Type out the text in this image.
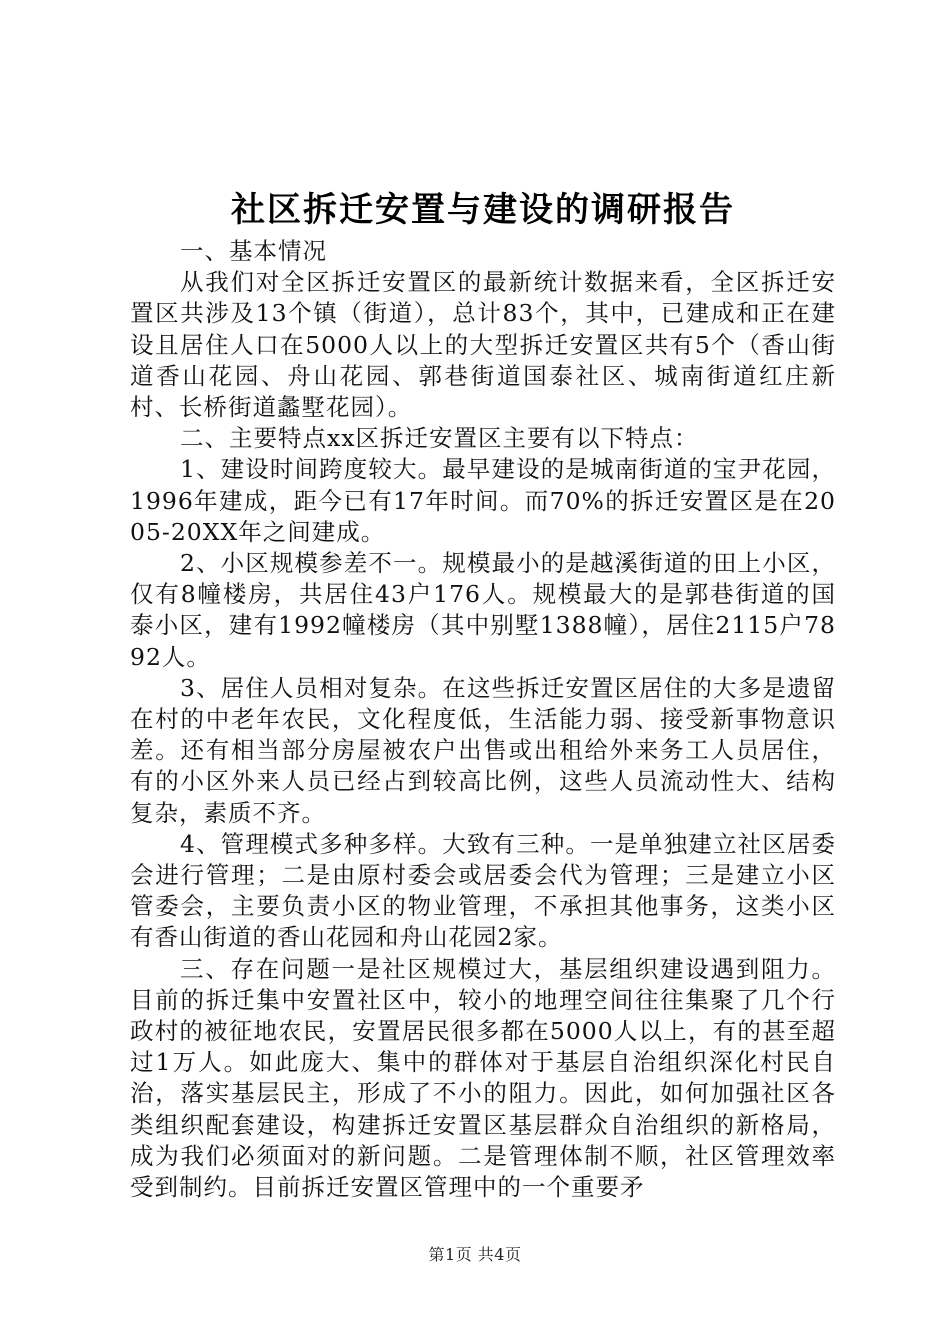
社区拆迁安置与建设的调研报告

一、基本情况

从我们对全区拆迁安置区的最新统计数据来看，全区拆迁安置区共涉及13个镇（街道），总计83个，其中，已建成和正在建设且居住人口在5000人以上的大型拆迁安置区共有5个（香山街道香山花园、舟山花园、郭巷街道国泰社区、城南街道红庄新村、长桥街道蠡墅花园）。

二、主要特点xx区拆迁安置区主要有以下特点：

1、建设时间跨度较大。最早建设的是城南街道的宝尹花园，1996年建成，距今已有17年时间。而70%的拆迁安置区是在2005-20XX年之间建成。

2、小区规模参差不一。规模最小的是越溪街道的田上小区，仅有8幢楼房，共居住43户176人。规模最大的是郭巷街道的国泰小区，建有1992幢楼房（其中别墅1388幢），居住2115户7892人。

3、居住人员相对复杂。在这些拆迁安置区居住的大多是遗留在村的中老年农民，文化程度低，生活能力弱、接受新事物意识差。还有相当部分房屋被农户出售或出租给外来务工人员居住，有的小区外来人员已经占到较高比例，这些人员流动性大、结构复杂，素质不齐。

4、管理模式多种多样。大致有三种。一是单独建立社区居委会进行管理；二是由原村委会或居委会代为管理；三是建立小区管委会，主要负责小区的物业管理，不承担其他事务，这类小区有香山街道的香山花园和舟山花园2家。

三、存在问题一是社区规模过大，基层组织建设遇到阻力。目前的拆迁集中安置社区中，较小的地理空间往往集聚了几个行政村的被征地农民，安置居民很多都在5000人以上，有的甚至超过1万人。如此庞大、集中的群体对于基层自治组织深化村民自治，落实基层民主，形成了不小的阻力。因此，如何加强社区各类组织配套建设，构建拆迁安置区基层群众自治组织的新格局，成为我们必须面对的新问题。二是管理体制不顺，社区管理效率受到制约。目前拆迁安置区管理中的一个重要矛

第1页 共4页
